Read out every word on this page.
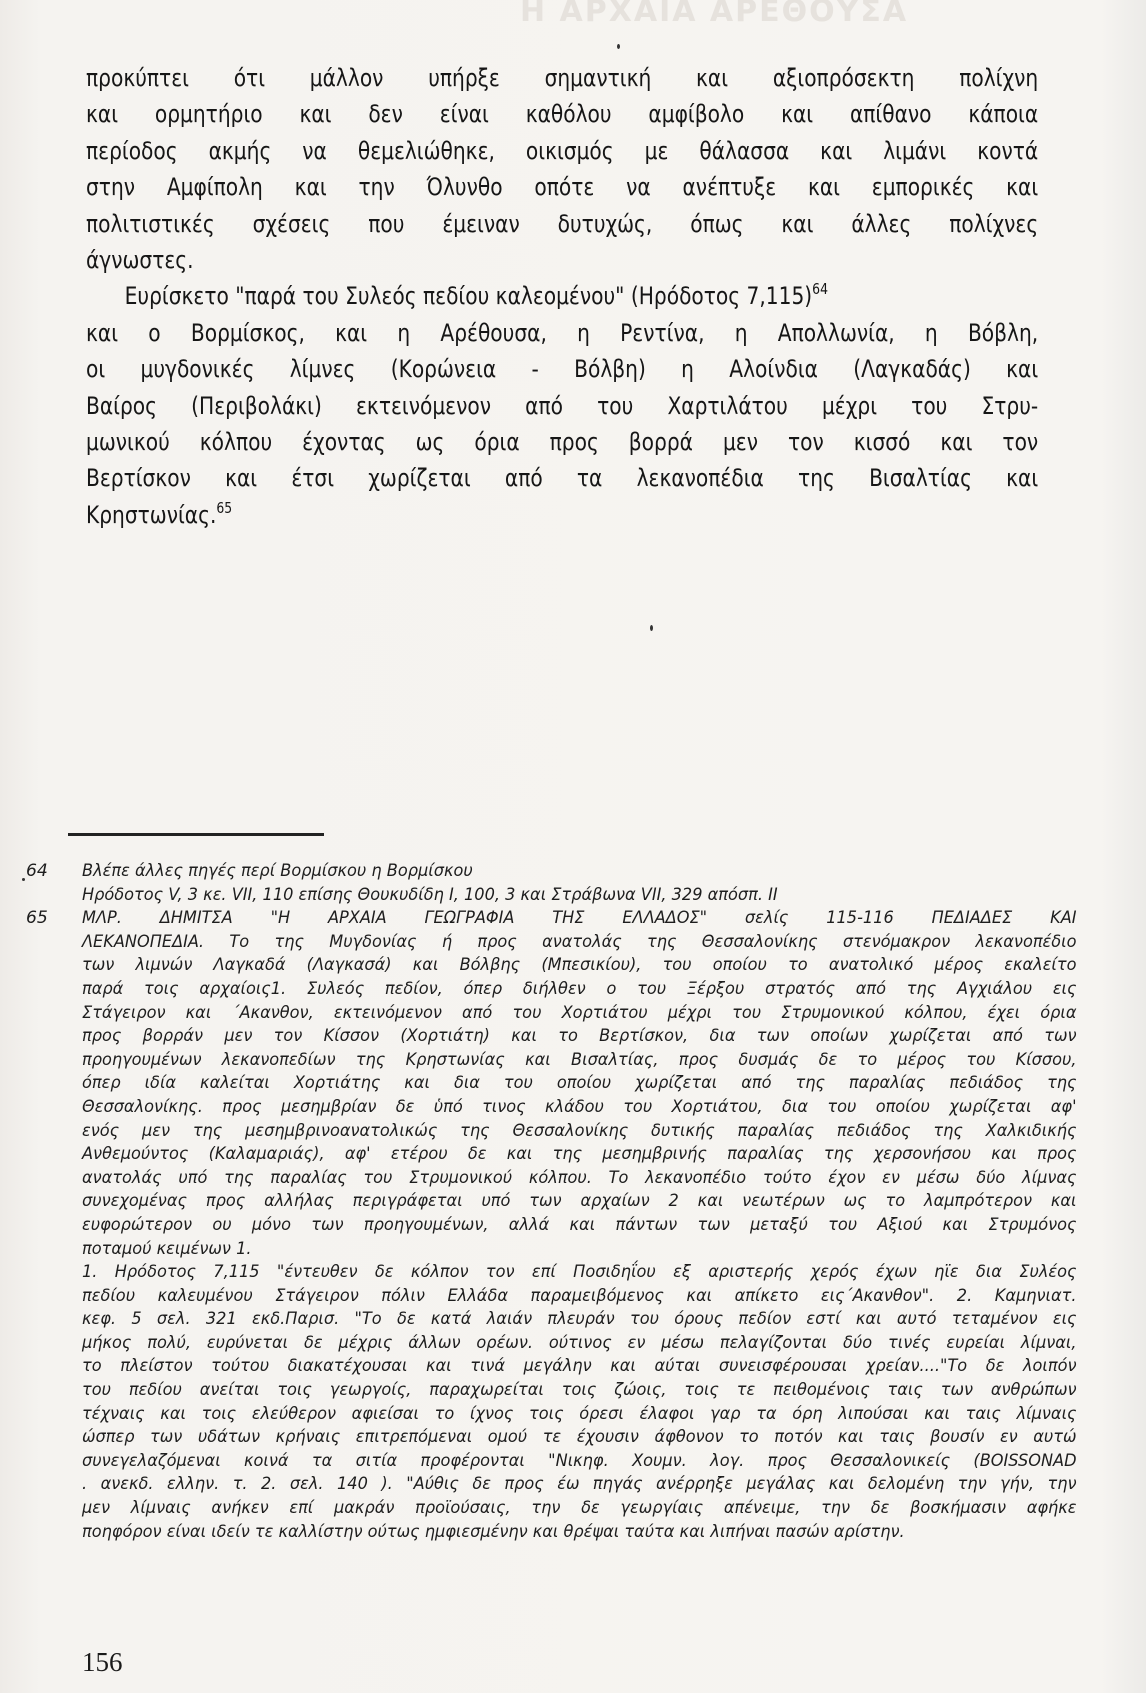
Η ΑΡΧΑΙΑ ΑΡΕΘΟΥΣΑ

προκύπτει ότι μάλλον υπήρξε σημαντική και αξιοπρόσεκτη πολίχνη
και ορμητήριο και δεν είναι καθόλου αμφίβολο και απίθανο κάποια
περίοδος ακμής να θεμελιώθηκε, οικισμός με θάλασσα και λιμάνι κοντά
στην Αμφίπολη και την Όλυνθο οπότε να ανέπτυξε και εμπορικές και
πολιτιστικές σχέσεις που έμειναν δυτυχώς, όπως και άλλες πολίχνες
άγνωστες.

Ευρίσκετο "παρά του Συλεός πεδίου καλεομένου" (Ηρόδοτος 7,115)$^{64}$
και ο Βορμίσκος, και η Αρέθουσα, η Ρεντίνα, η Απολλωνία, η Βόβλη,
οι μυγδονικές λίμνες (Κορώνεια - Βόλβη) η Αλοίνδια (Λαγκαδάς) και
Βαίρος (Περιβολάκι) εκτεινόμενον από του Χαρτιλάτου μέχρι του Στρυ-
μωνικού κόλπου έχοντας ως όρια προς βορρά μεν τον κισσό και τον
Βερτίσκον και έτσι χωρίζεται από τα λεκανοπέδια της Βισαλτίας και
Κρηστωνίας.$^{65}$

64 Βλέπε άλλες πηγές περί Βορμίσκου η Βορμίσκου
Ηρόδοτος V, 3 κε. VII, 110 επίσης Θουκυδίδη Ι, 100, 3 και Στράβωνα VII, 329 απόσπ. ΙΙ
65 ΜΛΡ. ΔΗΜΙΤΣΑ "Η ΑΡΧΑΙΑ ΓΕΩΓΡΑΦΙΑ ΤΗΣ ΕΛΛΑΔΟΣ" σελίς 115-116 ΠΕΔΙΑΔΕΣ ΚΑΙ
ΛΕΚΑΝΟΠΕΔΙΑ. Το της Μυγδονίας ή προς ανατολάς της Θεσσαλονίκης στενόμακρον λεκανοπέδιο
των λιμνών Λαγκαδά (Λαγκασά) και Βόλβης (Μπεσικίου), του οποίου το ανατολικό μέρος εκαλείτο
παρά τοις αρχαίοις1. Συλεός πεδίον, όπερ διήλθεν ο του Ξέρξου στρατός από της Αγχιάλου εις
Στάγειρον και ΄Ακανθον, εκτεινόμενον από του Χορτιάτου μέχρι του Στρυμονικού κόλπου, έχει όρια
προς βορράν μεν τον Κίσσον (Χορτιάτη) και το Βερτίσκον, δια των οποίων χωρίζεται από των
προηγουμένων λεκανοπεδίων της Κρηστωνίας και Βισαλτίας, προς δυσμάς δε το μέρος του Κίσσου,
όπερ ιδία καλείται Χορτιάτης και δια του οποίου χωρίζεται από της παραλίας πεδιάδος της
Θεσσαλονίκης. προς μεσημβρίαν δε ὑπό τινος κλάδου του Χορτιάτου, δια του οποίου χωρίζεται αφ'
ενός μεν της μεσημβρινοανατολικώς της Θεσσαλονίκης δυτικής παραλίας πεδιάδος της Χαλκιδικής
Ανθεμούντος (Καλαμαριάς), αφ' ετέρου δε και της μεσημβρινής παραλίας της χερσονήσου και προς
ανατολάς υπό της παραλίας του Στρυμονικού κόλπου. Το λεκανοπέδιο τούτο έχον εν μέσω δύο λίμνας
συνεχομένας προς αλλήλας περιγράφεται υπό των αρχαίων 2 και νεωτέρων ως το λαμπρότερον και
ευφορώτερον ου μόνο των προηγουμένων, αλλά και πάντων των μεταξύ του Αξιού και Στρυμόνος
ποταμού κειμένων 1.
1. Ηρόδοτος 7,115 "έντευθεν δε κόλπον τον επί Ποσιδηΐου εξ αριστερής χερός έχων ηϊε δια Συλέος
πεδίου καλευμένου Στάγειρον πόλιν Ελλάδα παραμειβόμενος και απίκετο εις΄Ακανθον". 2. Καμηνιατ.
κεφ. 5 σελ. 321 εκδ.Παρισ. "Το δε κατά λαιάν πλευράν του όρους πεδίον εστί και αυτό τεταμένον εις
μήκος πολύ, ευρύνεται δε μέχρις άλλων ορέων. ούτινος εν μέσω πελαγίζονται δύο τινές ευρείαι λίμναι,
το πλείστον τούτου διακατέχουσαι και τινά μεγάλην και αύται συνεισφέρουσαι χρείαν...."Το δε λοιπόν
του πεδίου ανείται τοις γεωργοίς, παραχωρείται τοις ζώοις, τοις τε πειθομένοις ταις των ανθρώπων
τέχναις και τοις ελεύθερον αφιείσαι το ίχνος τοις όρεσι έλαφοι γαρ τα όρη λιπούσαι και ταις λίμναις
ώσπερ των υδάτων κρήναις επιτρεπόμεναι ομού τε έχουσιν άφθονον το ποτόν και ταις βουσίν εν αυτώ
συνεγελαζόμεναι κοινά τα σιτία προφέρονται "Νικηφ. Χουμν. λογ. προς Θεσσαλονικείς (BOISSONAD
. ανεκδ. ελλην. τ. 2. σελ. 140 ). "Αύθις δε προς έω πηγάς ανέρρηξε μεγάλας και δελομένη την γήν, την
μεν λίμναις ανήκεν επί μακράν προϊούσαις, την δε γεωργίαις απένειμε, την δε βοσκήμασιν αφήκε
ποηφόρον είναι ιδείν τε καλλίστην ούτως ημφιεσμένην και θρέψαι ταύτα και λιπήναι πασών αρίστην.
156
